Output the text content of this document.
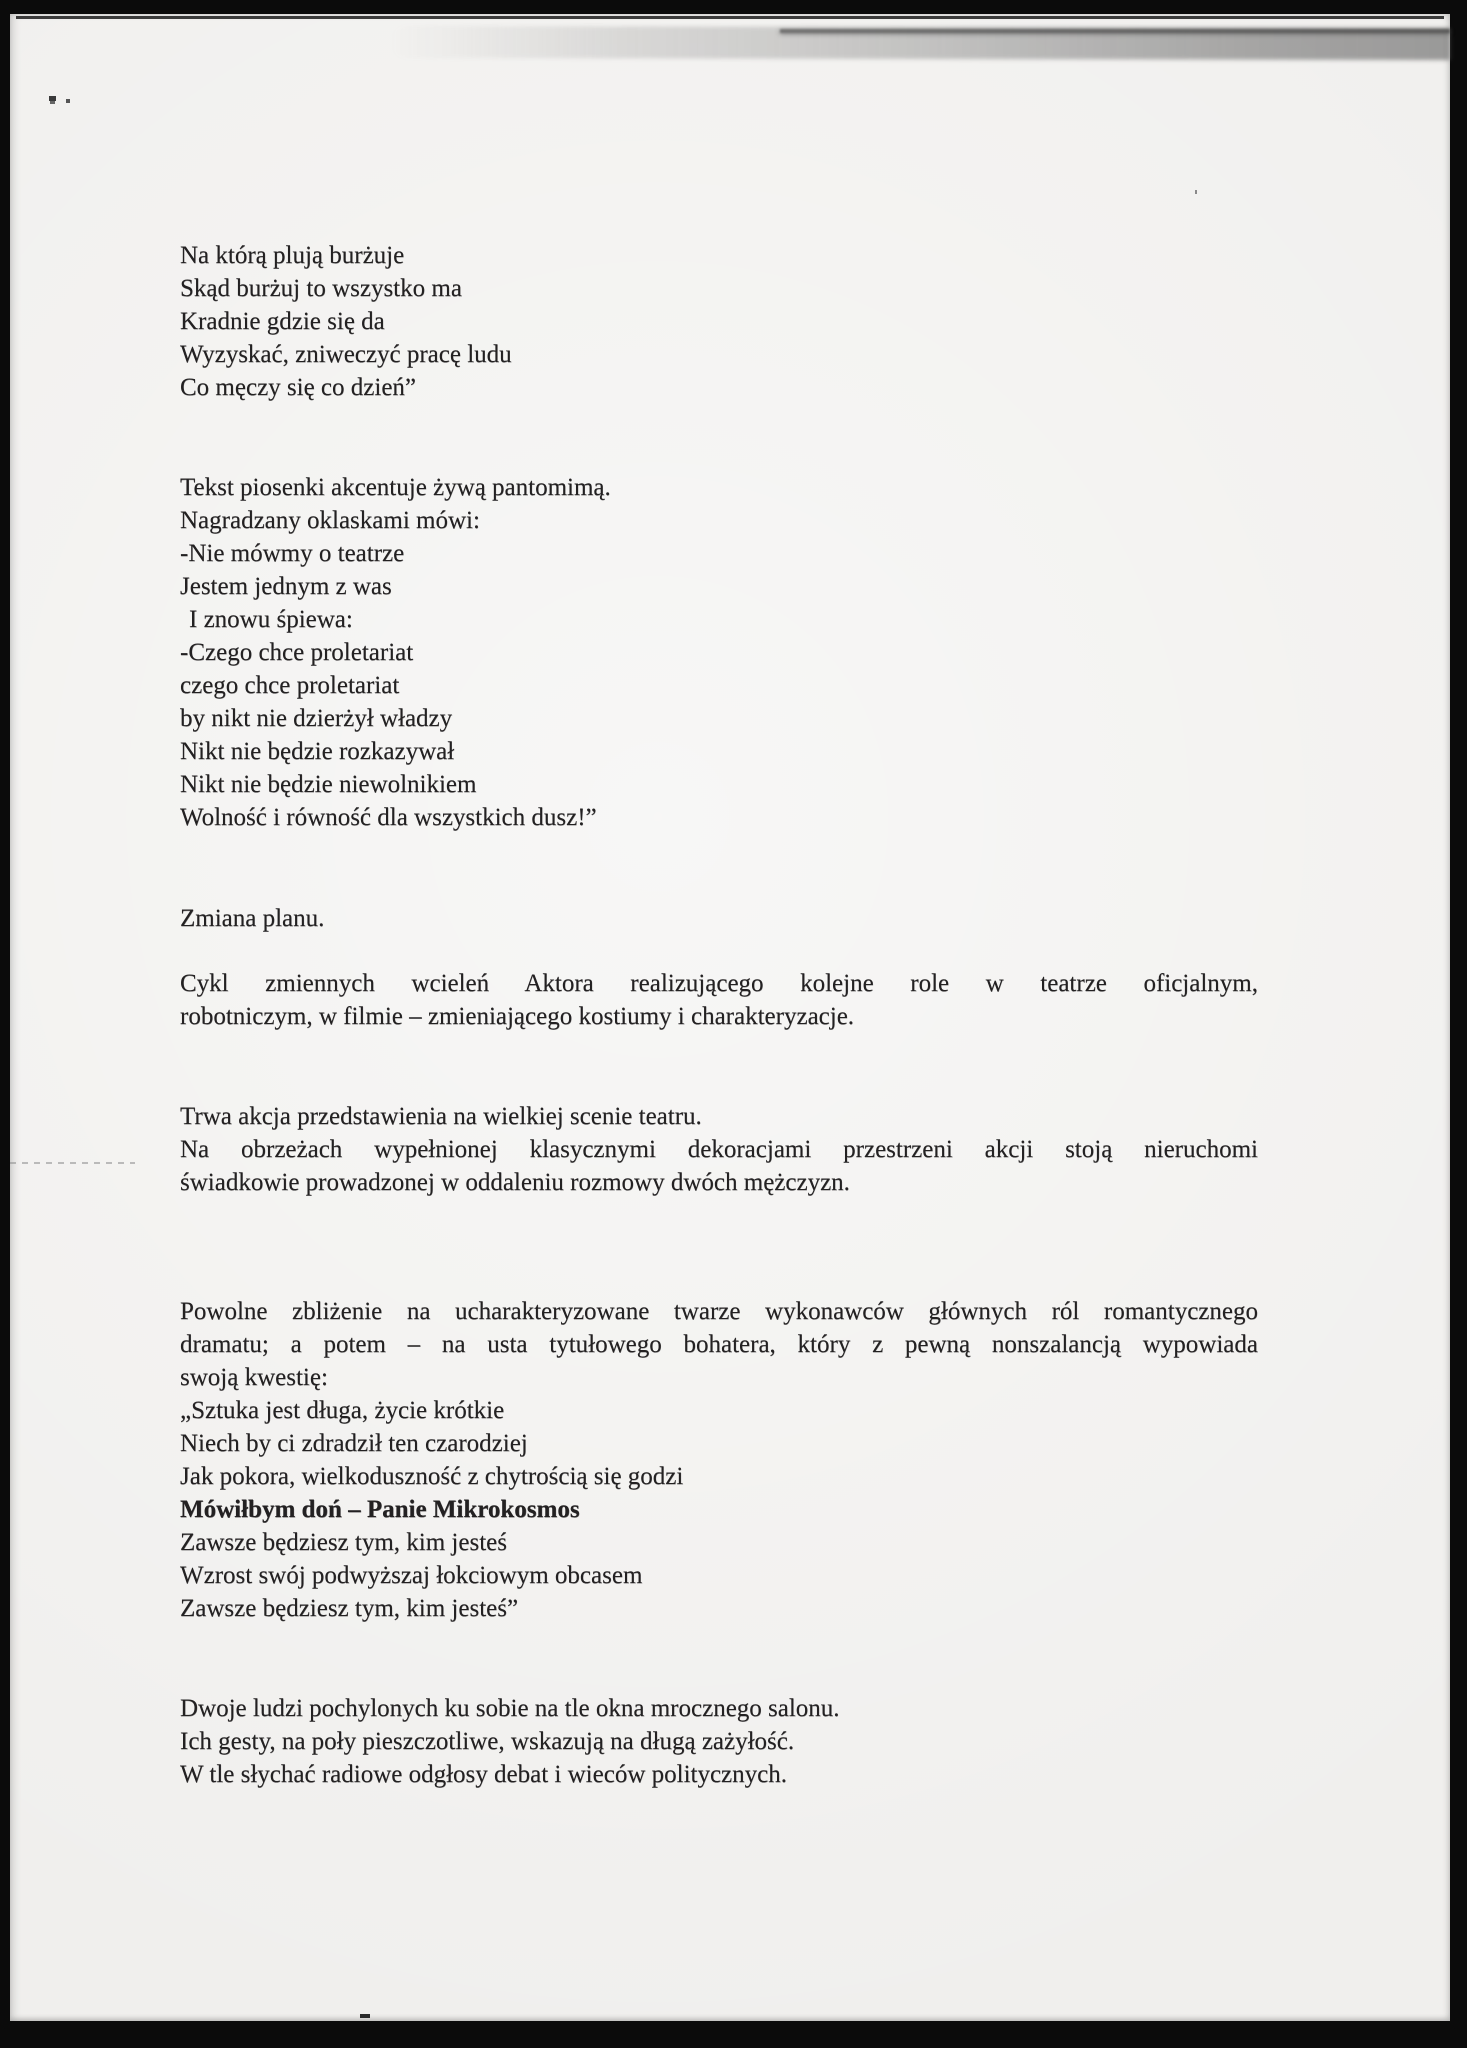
Na którą plują burżuje
Skąd burżuj to wszystko ma
Kradnie gdzie się da
Wyzyskać, zniweczyć pracę ludu
Co męczy się co dzień”
Tekst piosenki akcentuje żywą pantomimą.
Nagradzany oklaskami mówi:
-Nie mówmy o teatrze
Jestem jednym z was
I znowu śpiewa:
-Czego chce proletariat
czego chce proletariat
by nikt nie dzierżył władzy
Nikt nie będzie rozkazywał
Nikt nie będzie niewolnikiem
Wolność i równość dla wszystkich dusz!”
Zmiana planu.
Cykl zmiennych wcieleń Aktora realizującego kolejne role w teatrze oficjalnym,
robotniczym, w filmie – zmieniającego kostiumy i charakteryzacje.
Trwa akcja przedstawienia na wielkiej scenie teatru.
Na obrzeżach wypełnionej klasycznymi dekoracjami przestrzeni akcji stoją nieruchomi
świadkowie prowadzonej w oddaleniu rozmowy dwóch mężczyzn.
Powolne zbliżenie na ucharakteryzowane twarze wykonawców głównych ról romantycznego
dramatu; a potem – na usta tytułowego bohatera, który z pewną nonszalancją wypowiada
swoją kwestię:
„Sztuka jest długa, życie krótkie
Niech by ci zdradził ten czarodziej
Jak pokora, wielkoduszność z chytrością się godzi
Mówiłbym doń – Panie Mikrokosmos
Zawsze będziesz tym, kim jesteś
Wzrost swój podwyższaj łokciowym obcasem
Zawsze będziesz tym, kim jesteś”
Dwoje ludzi pochylonych ku sobie na tle okna mrocznego salonu.
Ich gesty, na poły pieszczotliwe, wskazują na długą zażyłość.
W tle słychać radiowe odgłosy debat i wieców politycznych.
